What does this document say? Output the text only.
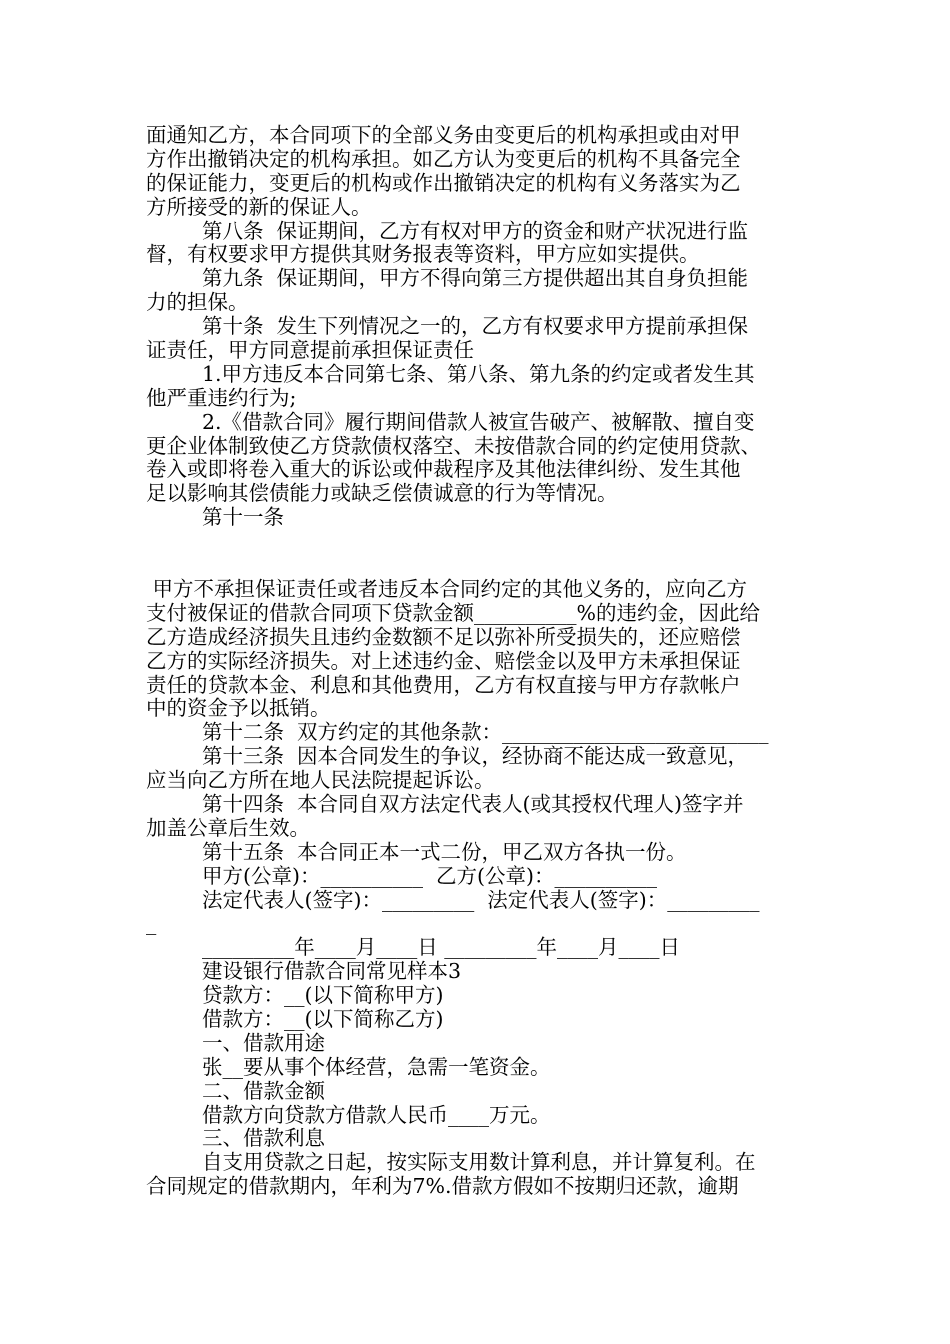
面通知乙方，本合同项下的全部义务由变更后的机构承担或由对甲
方作出撤销决定的机构承担。如乙方认为变更后的机构不具备完全
的保证能力，变更后的机构或作出撤销决定的机构有义务落实为乙
方所接受的新的保证人。
第八条  保证期间，乙方有权对甲方的资金和财产状况进行监
督，有权要求甲方提供其财务报表等资料，甲方应如实提供。
第九条  保证期间，甲方不得向第三方提供超出其自身负担能
力的担保。
第十条  发生下列情况之一的，乙方有权要求甲方提前承担保
证责任，甲方同意提前承担保证责任
1.甲方违反本合同第七条、第八条、第九条的约定或者发生其
他严重违约行为;
2.《借款合同》履行期间借款人被宣告破产、被解散、擅自变
更企业体制致使乙方贷款债权落空、未按借款合同的约定使用贷款、
卷入或即将卷入重大的诉讼或仲裁程序及其他法律纠纷、发生其他
足以影响其偿债能力或缺乏偿债诚意的行为等情况。
第十一条
甲方不承担保证责任或者违反本合同约定的其他义务的，应向乙方
支付被保证的借款合同项下贷款金额__________%的违约金，因此给
乙方造成经济损失且违约金数额不足以弥补所受损失的，还应赔偿
乙方的实际经济损失。对上述违约金、赔偿金以及甲方未承担保证
责任的贷款本金、利息和其他费用，乙方有权直接与甲方存款帐户
中的资金予以抵销。
第十二条  双方约定的其他条款：__________________________
第十三条  因本合同发生的争议，经协商不能达成一致意见，
应当向乙方所在地人民法院提起诉讼。
第十四条  本合同自双方法定代表人(或其授权代理人)签字并
加盖公章后生效。
第十五条  本合同正本一式二份，甲乙双方各执一份。
甲方(公章)：__________  乙方(公章)：__________
法定代表人(签字)：_________  法定代表人(签字)：_________
_
_________年____月____日 _________年____月____日
建设银行借款合同常见样本3
贷款方：__(以下简称甲方)
借款方：__(以下简称乙方)
一、借款用途
张__要从事个体经营，急需一笔资金。
二、借款金额
借款方向贷款方借款人民币____万元。
三、借款利息
自支用贷款之日起，按实际支用数计算利息，并计算复利。在
合同规定的借款期内，年利为7%.借款方假如不按期归还款，逾期
